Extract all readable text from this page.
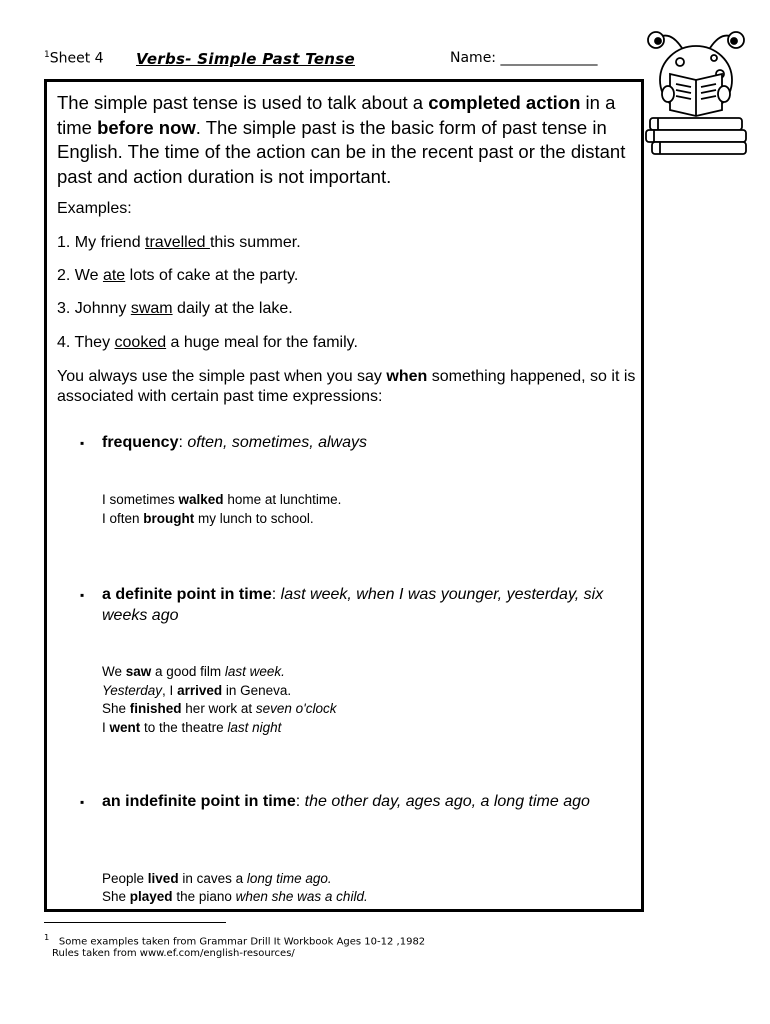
$^1$Sheet 4 Verbs- Simple Past Tense	Name: ________________
The simple past tense is used to talk about a completed action in a time before now. The simple past is the basic form of past tense in English. The time of the action can be in the recent past or the distant past and action duration is not important.
Examples:
1. My friend travelled this summer.
2. We ate lots of cake at the party.
3. Johnny swam daily at the lake.
4. They cooked a huge meal for the family.
You always use the simple past when you say when something happened, so it is associated with certain past time expressions:
▪ frequency: often, sometimes, always
I sometimes walked home at lunchtime.
I often brought my lunch to school.
▪ a definite point in time: last week, when I was younger, yesterday, six weeks ago
We saw a good film last week.
Yesterday, I arrived in Geneva.
She finished her work at seven o'clock
I went to the theatre last night
▪ an indefinite point in time: the other day, ages ago, a long time ago
People lived in caves a long time ago.
She played the piano when she was a child.
$^1$ Some examples taken from Grammar Drill It Workbook Ages 10-12 ,1982
Rules taken from www.ef.com/english-resources/
